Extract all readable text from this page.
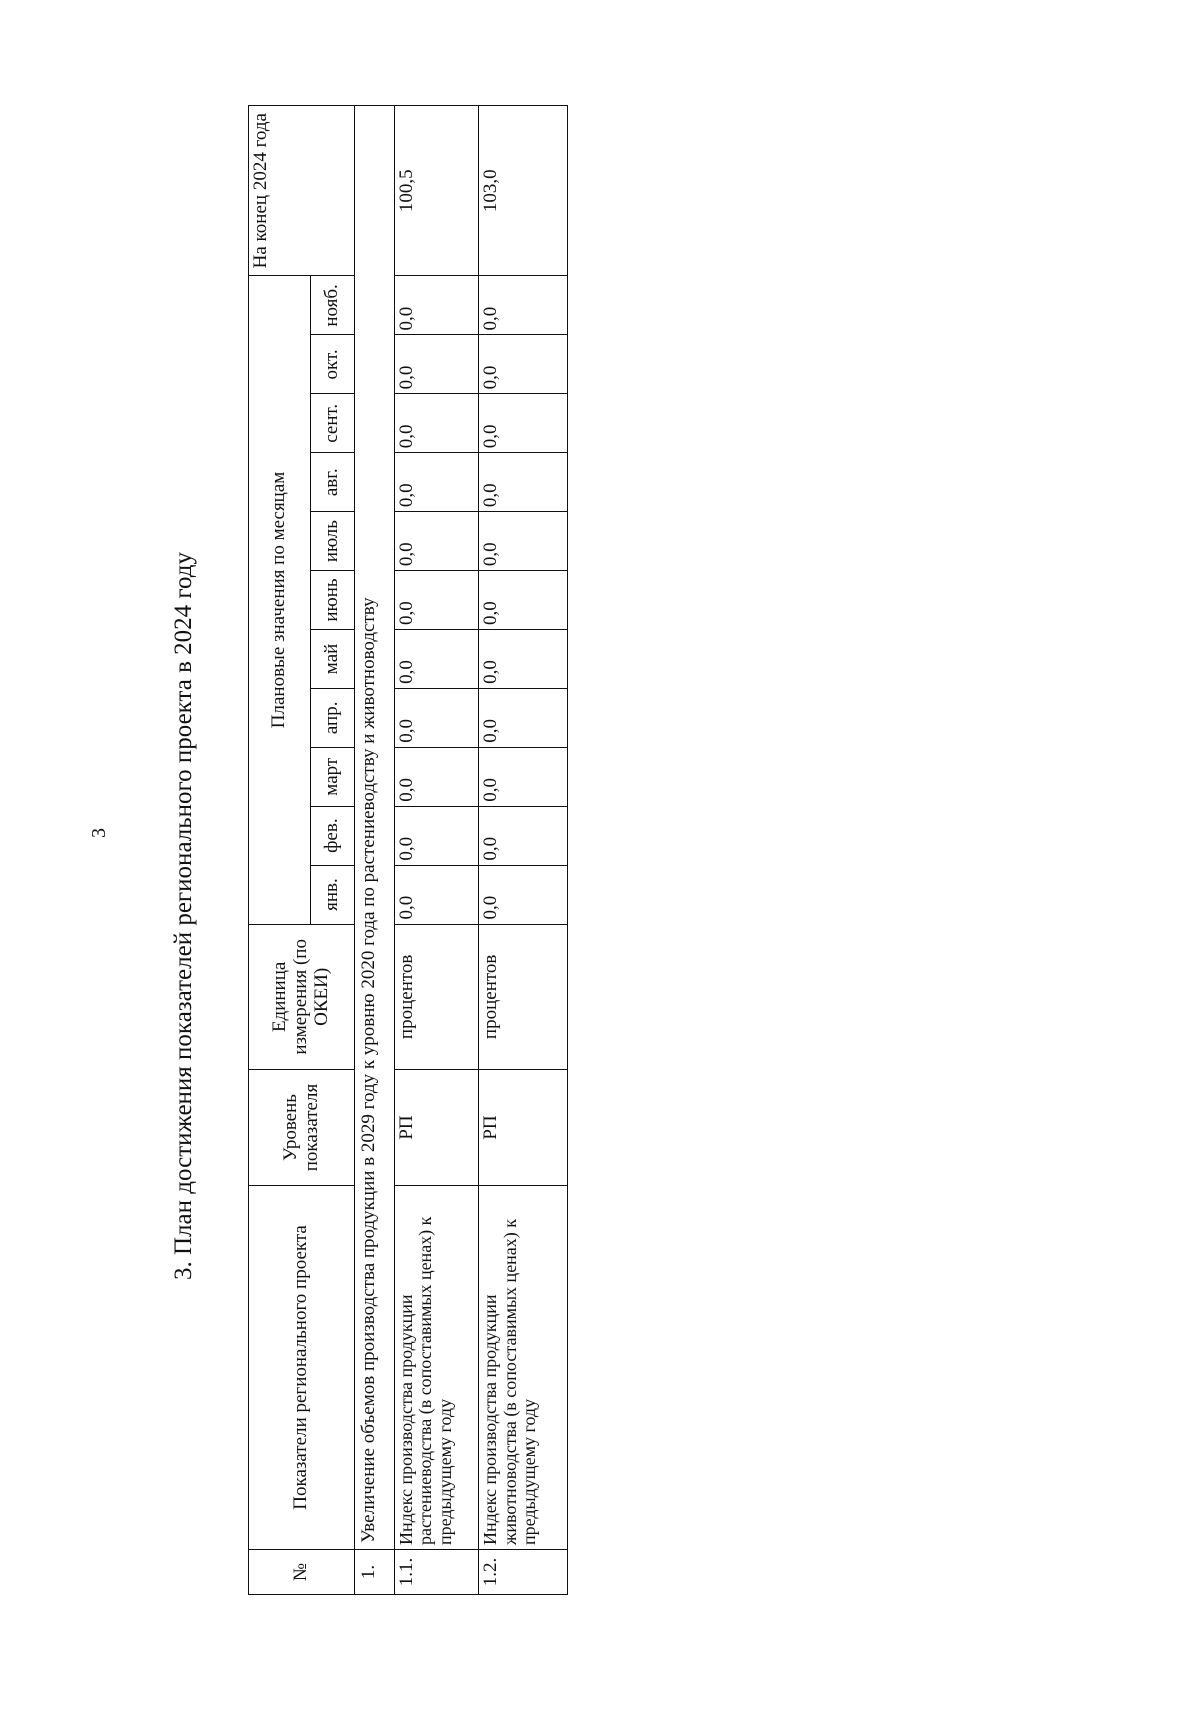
3 3. План достижения показателей регионального проекта в 2024 году
№	Показатели регионального проекта	Уровень показателя	Единица измерения (по ОКЕИ)	Плановые значения по месяцам											На конец 2024 года
				янв.	фев.	март	апр.	май	июнь	июль	авг.	сент.	окт.	нояб.	
1.	Увеличение объемов производства продукции в 2029 году к уровню 2020 года по растениеводству и животноводству														
1.1.	Индекс производства продукции растениеводства (в сопоставимых ценах) к предыдущему году	РП	процентов	0,0	0,0	0,0	0,0	0,0	0,0	0,0	0,0	0,0	0,0	0,0	100,5
1.2.	Индекс производства продукции животноводства (в сопоставимых ценах) к предыдущему году	РП	процентов	0,0	0,0	0,0	0,0	0,0	0,0	0,0	0,0	0,0	0,0	0,0	103,0
